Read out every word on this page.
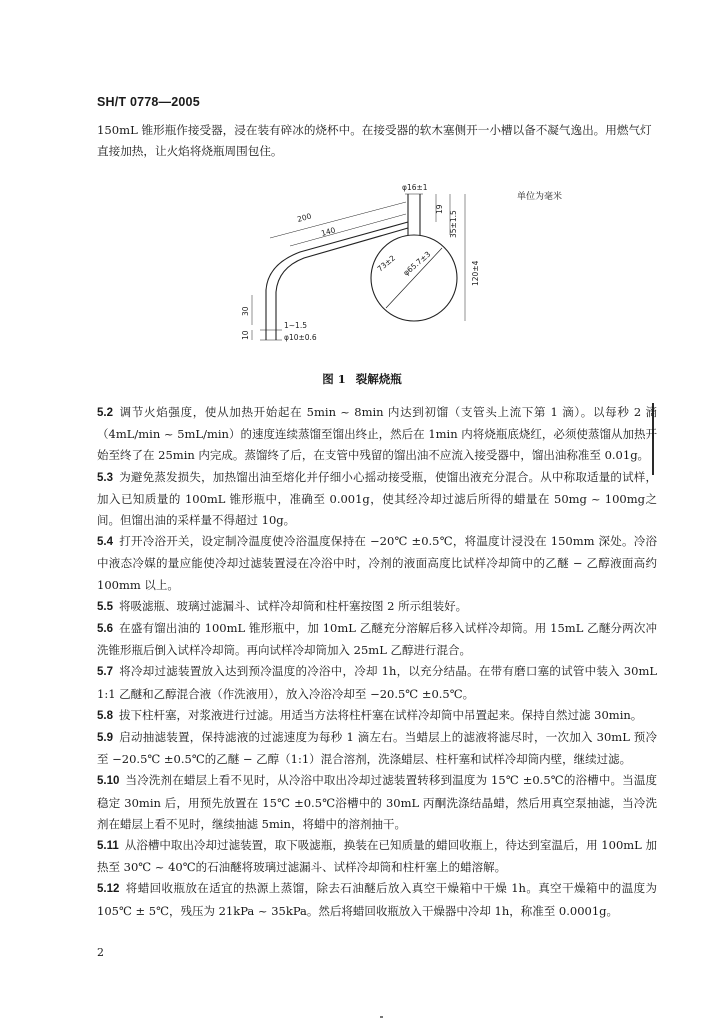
SH/T 0778—2005

150mL 锥形瓶作接受器，浸在装有碎冰的烧杯中。在接受器的软木塞侧开一小槽以备不凝气逸出。用燃气灯直接加热，让火焰将烧瓶周围包住。

单位为毫米
φ16±1
200
140
19
35±1.5
120±4
73±2 φ65.7±3
30
10
1~1.5
φ10±0.6
图 1 裂解烧瓶

5.2 调节火焰强度，使从加热开始起在 5min ~ 8min 内达到初馏（支管头上流下第 1 滴）。以每秒 2 滴（4mL/min ~ 5mL/min）的速度连续蒸馏至馏出终止，然后在 1min 内将烧瓶底烧红，必须使蒸馏从加热开始至终了在 25min 内完成。蒸馏终了后，在支管中残留的馏出油不应流入接受器中，馏出油称准至 0.01g。

5.3 为避免蒸发损失，加热馏出油至熔化并仔细小心摇动接受瓶，使馏出液充分混合。从中称取适量的试样，加入已知质量的 100mL 锥形瓶中，准确至 0.001g，使其经冷却过滤后所得的蜡量在 50mg ~ 100mg之间。但馏出油的采样量不得超过 10g。

5.4 打开冷浴开关，设定制冷温度使冷浴温度保持在 −20℃ ±0.5℃，将温度计浸没在 150mm 深处。冷浴中液态冷媒的量应能使冷却过滤装置浸在冷浴中时，冷剂的液面高度比试样冷却筒中的乙醚 − 乙醇液面高约 100mm 以上。

5.5 将吸滤瓶、玻璃过滤漏斗、试样冷却筒和柱杆塞按图 2 所示组装好。

5.6 在盛有馏出油的 100mL 锥形瓶中，加 10mL 乙醚充分溶解后移入试样冷却筒。用 15mL 乙醚分两次冲洗锥形瓶后倒入试样冷却筒。再向试样冷却筒加入 25mL 乙醇进行混合。

5.7 将冷却过滤装置放入达到预冷温度的冷浴中，冷却 1h，以充分结晶。在带有磨口塞的试管中装入 30mL 1:1 乙醚和乙醇混合液（作洗液用），放入冷浴冷却至 −20.5℃ ±0.5℃。

5.8 拔下柱杆塞，对浆液进行过滤。用适当方法将柱杆塞在试样冷却筒中吊置起来。保持自然过滤 30min。

5.9 启动抽滤装置，保持滤液的过滤速度为每秒 1 滴左右。当蜡层上的滤液将滤尽时，一次加入 30mL 预冷至 −20.5℃ ±0.5℃的乙醚 − 乙醇（1:1）混合溶剂，洗涤蜡层、柱杆塞和试样冷却筒内壁，继续过滤。

5.10 当冷洗剂在蜡层上看不见时，从冷浴中取出冷却过滤装置转移到温度为 15℃ ±0.5℃的浴槽中。当温度稳定 30min 后，用预先放置在 15℃ ±0.5℃浴槽中的 30mL 丙酮洗涤结晶蜡，然后用真空泵抽滤，当冷洗剂在蜡层上看不见时，继续抽滤 5min，将蜡中的溶剂抽干。

5.11 从浴槽中取出冷却过滤装置，取下吸滤瓶，换装在已知质量的蜡回收瓶上，待达到室温后，用 100mL 加热至 30℃ ~ 40℃的石油醚将玻璃过滤漏斗、试样冷却筒和柱杆塞上的蜡溶解。

5.12 将蜡回收瓶放在适宜的热源上蒸馏，除去石油醚后放入真空干燥箱中干燥 1h。真空干燥箱中的温度为 105℃ ± 5℃，残压为 21kPa ~ 35kPa。然后将蜡回收瓶放入干燥器中冷却 1h，称准至 0.0001g。

2
